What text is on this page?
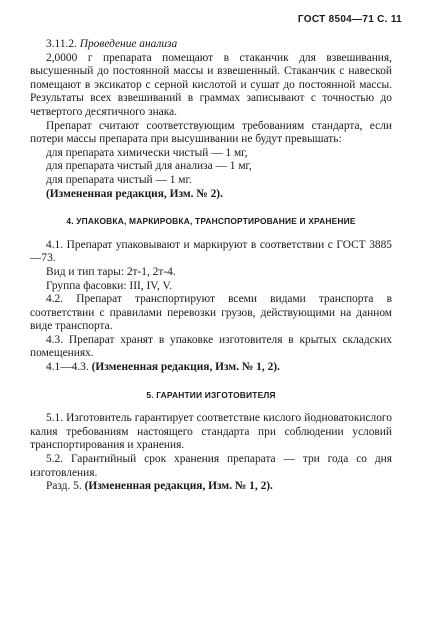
ГОСТ 8504—71 С. 11

3.11.2. Проведение анализа

2,0000 г препарата помещают в стаканчик для взвешивания, высушенный до постоянной массы и взвешенный. Стаканчик с навеской помещают в эксикатор с серной кислотой и сушат до постоянной массы. Результаты всех взвешиваний в граммах записывают с точностью до четвертого десятичного знака.

Препарат считают соответствующим требованиям стандарта, если потери массы препарата при высушивании не будут превышать:

для препарата химически чистый — 1 мг,

для препарата чистый для анализа — 1 мг,

для препарата чистый — 1 мг.

(Измененная редакция, Изм. № 2).

4. УПАКОВКА, МАРКИРОВКА, ТРАНСПОРТИРОВАНИЕ И ХРАНЕНИЕ

4.1. Препарат упаковывают и маркируют в соответствии с ГОСТ 3885—73.

Вид и тип тары: 2т-1, 2т-4.

Группа фасовки: III, IV, V.

4.2. Препарат транспортируют всеми видами транспорта в соответствии с правилами перевозки грузов, действующими на данном виде транспорта.

4.3. Препарат хранят в упаковке изготовителя в крытых складских помещениях.

4.1—4.3. (Измененная редакция, Изм. № 1, 2).

5. ГАРАНТИИ ИЗГОТОВИТЕЛЯ

5.1. Изготовитель гарантирует соответствие кислого йодноватокислого калия требованиям настоящего стандарта при соблюдении условий транспортирования и хранения.

5.2. Гарантийный срок хранения препарата — три года со дня изготовления.

Разд. 5. (Измененная редакция, Изм. № 1, 2).
